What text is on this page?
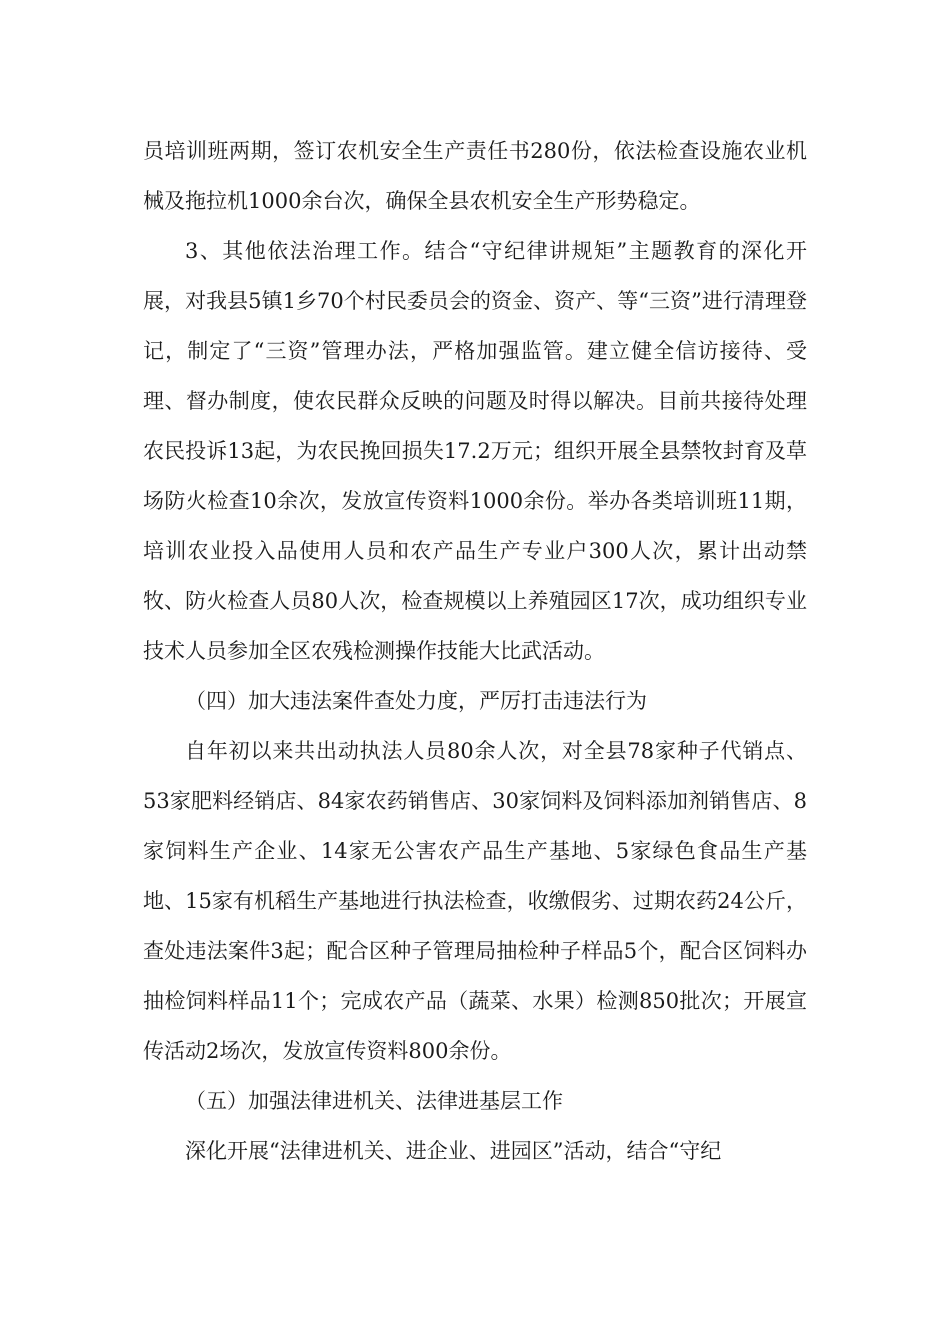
员培训班两期，签订农机安全生产责任书280份，依法检查设施农业机械及拖拉机1000余台次，确保全县农机安全生产形势稳定。

3、其他依法治理工作。结合“守纪律讲规矩”主题教育的深化开展，对我县5镇1乡70个村民委员会的资金、资产、等“三资”进行清理登记，制定了“三资”管理办法，严格加强监管。建立健全信访接待、受理、督办制度，使农民群众反映的问题及时得以解决。目前共接待处理农民投诉13起，为农民挽回损失17.2万元；组织开展全县禁牧封育及草场防火检查10余次，发放宣传资料1000余份。举办各类培训班11期，培训农业投入品使用人员和农产品生产专业户300人次，累计出动禁牧、防火检查人员80人次，检查规模以上养殖园区17次，成功组织专业技术人员参加全区农残检测操作技能大比武活动。

（四）加大违法案件查处力度，严厉打击违法行为

自年初以来共出动执法人员80余人次，对全县78家种子代销点、53家肥料经销店、84家农药销售店、30家饲料及饲料添加剂销售店、8家饲料生产企业、14家无公害农产品生产基地、5家绿色食品生产基地、15家有机稻生产基地进行执法检查，收缴假劣、过期农药24公斤，查处违法案件3起；配合区种子管理局抽检种子样品5个，配合区饲料办抽检饲料样品11个；完成农产品（蔬菜、水果）检测850批次；开展宣传活动2场次，发放宣传资料800余份。

（五）加强法律进机关、法律进基层工作

深化开展“法律进机关、进企业、进园区”活动，结合“守纪
